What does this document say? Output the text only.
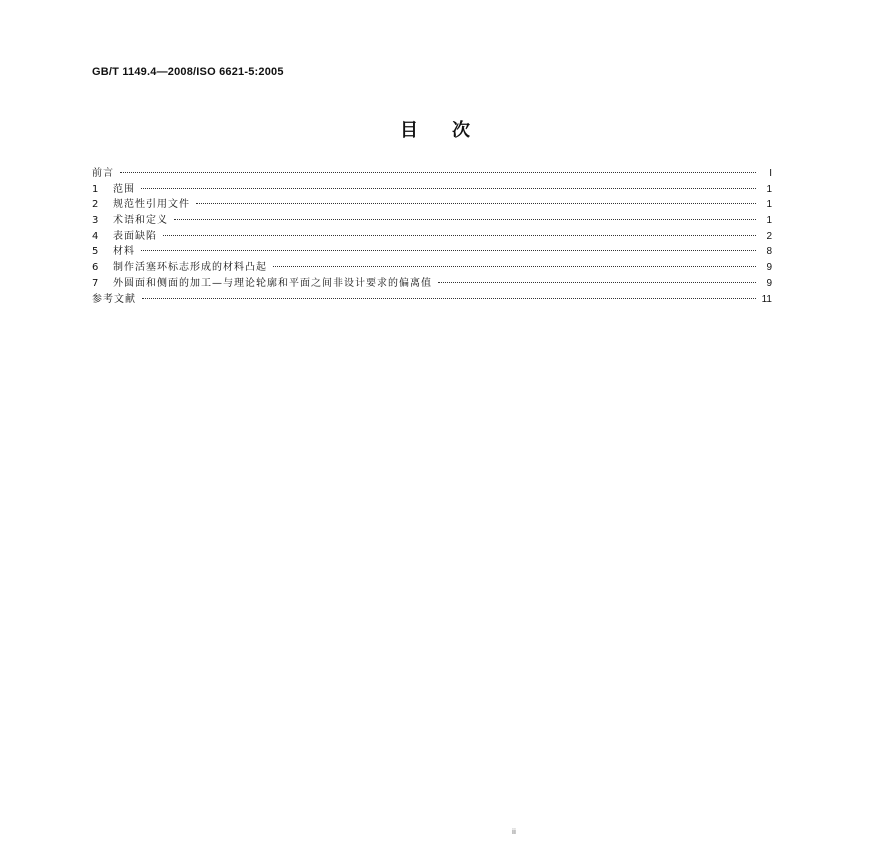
GB/T 1149.4—2008/ISO 6621-5:2005
目 次
前言	I
1	范围	1
2	规范性引用文件	1
3	术语和定义	1
4	表面缺陷	2
5	材料	8
6	制作活塞环标志形成的材料凸起	9
7	外圆面和侧面的加工—与理论轮廓和平面之间非设计要求的偏离值	9
参考文献	11
ii
